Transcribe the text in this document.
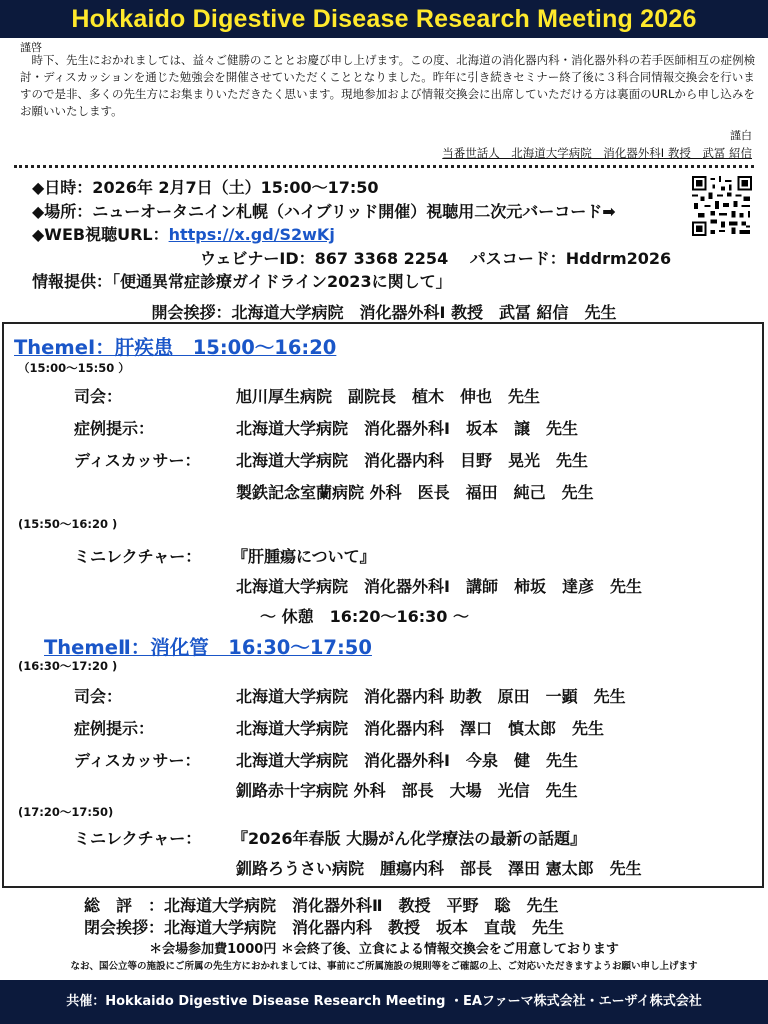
Hokkaido Digestive Disease Research Meeting 2026
謹啓
時下、先生におかれましては、益々ご健勝のこととお慶び申し上げます。この度、北海道の消化器内科・消化器外科の若手医師相互の症例検討・ディスカッションを通じた勉強会を開催させていただくこととなりました。昨年に引き続きセミナー終了後に３科合同情報交換会を行いますので是非、多くの先生方にお集まりいただきたく思います。現地参加および情報交換会に出席していただける方は裏面のURLから申し込みをお願いいたします。
謹白
当番世話人　北海道大学病院　消化器外科Ⅰ 教授　武冨 紹信
◆日時：2026年 2月7日（土）15:00～17:50
◆場所：ニューオータニイン札幌（ハイブリッド開催）視聴用二次元バーコード➡
◆WEB視聴URL：https://x.gd/S2wKj
ウェビナーID：867 3368 2254　 パスコード：Hddrm2026
情報提供：「便通異常症診療ガイドライン2023に関して」
開会挨拶：北海道大学病院　消化器外科Ⅰ 教授　武冨 紹信　先生
ThemeⅠ：肝疾患　15:00～16:20
（15:00～15:50 ）
司会：	旭川厚生病院　副院長　植木　伸也　先生
症例提示：	北海道大学病院　消化器外科Ⅰ　坂本　譲　先生
ディスカッサー： 北海道大学病院　消化器内科　目野　晃光　先生
製鉄記念室蘭病院 外科　医長　福田　純己　先生
(15:50～16:20 )
ミニレクチャー： 『肝腫瘍について』
北海道大学病院　消化器外科Ⅰ　講師　柿坂　達彦　先生
～ 休憩　16:20～16:30 ～
ThemeⅡ：消化管　16:30～17:50
(16:30～17:20 )
司会：	北海道大学病院　消化器内科 助教　原田　一顕　先生
症例提示：	北海道大学病院　消化器内科　澤口　慎太郎　先生
ディスカッサー： 北海道大学病院　消化器外科Ⅰ　今泉　健　先生
釧路赤十字病院 外科　部長　大場　光信　先生
(17:20～17:50)
ミニレクチャー： 『2026年春版 大腸がん化学療法の最新の話題』
釧路ろうさい病院　腫瘍内科　部長　澤田 憲太郎　先生
総　評　：北海道大学病院　消化器外科Ⅱ　教授　平野　聡　先生
閉会挨拶：北海道大学病院　消化器内科　教授　坂本　直哉　先生
＊会場参加費1000円 ＊会終了後、立食による情報交換会をご用意しております
なお、国公立等の施設にご所属の先生方におかれましては、事前にご所属施設の規則等をご確認の上、ご対応いただきますようお願い申し上げます
共催：Hokkaido Digestive Disease Research Meeting ・EAファーマ株式会社・エーザイ株式会社
